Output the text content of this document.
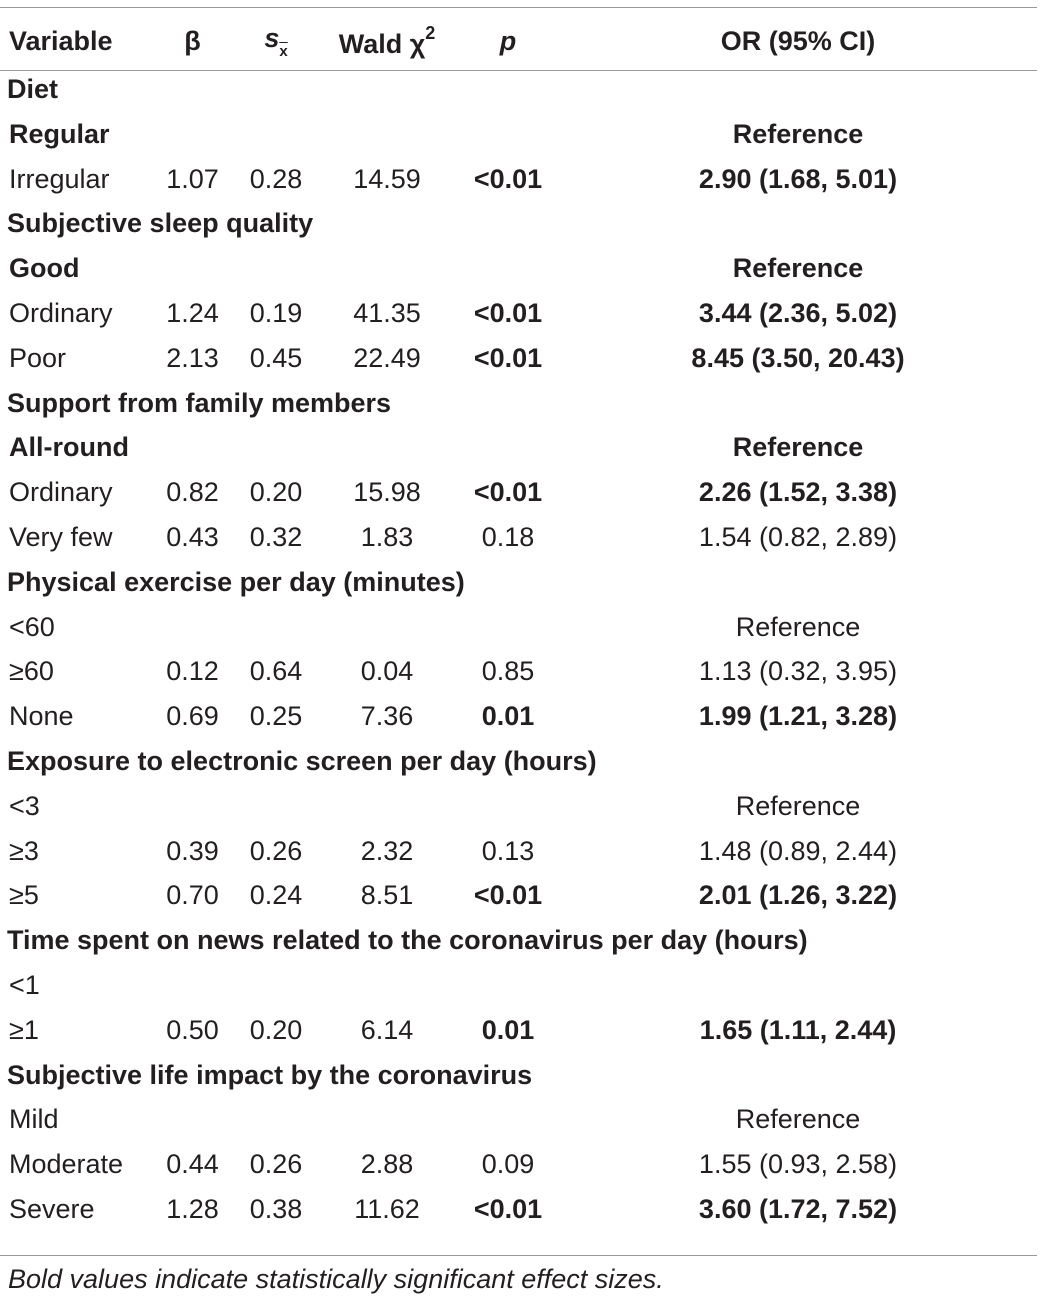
Variable	β	$s_{\overline{x}}$	Wald $\chi^2$	p	OR (95% CI)
Diet					
Regular					Reference
Irregular	1.07	0.28	14.59	<0.01	2.90 (1.68, 5.01)
Subjective sleep quality					
Good					Reference
Ordinary	1.24	0.19	41.35	<0.01	3.44 (2.36, 5.02)
Poor	2.13	0.45	22.49	<0.01	8.45 (3.50, 20.43)
Support from family members					
All-round					Reference
Ordinary	0.82	0.20	15.98	<0.01	2.26 (1.52, 3.38)
Very few	0.43	0.32	1.83	0.18	1.54 (0.82, 2.89)
Physical exercise per day (minutes)					
<60					Reference
≥60	0.12	0.64	0.04	0.85	1.13 (0.32, 3.95)
None	0.69	0.25	7.36	0.01	1.99 (1.21, 3.28)
Exposure to electronic screen per day (hours)					
<3					Reference
≥3	0.39	0.26	2.32	0.13	1.48 (0.89, 2.44)
≥5	0.70	0.24	8.51	<0.01	2.01 (1.26, 3.22)
Time spent on news related to the coronavirus per day (hours)					
<1					
≥1	0.50	0.20	6.14	0.01	1.65 (1.11, 2.44)
Subjective life impact by the coronavirus					
Mild					Reference
Moderate	0.44	0.26	2.88	0.09	1.55 (0.93, 2.58)
Severe	1.28	0.38	11.62	<0.01	3.60 (1.72, 7.52)
Bold values indicate statistically significant effect sizes.
